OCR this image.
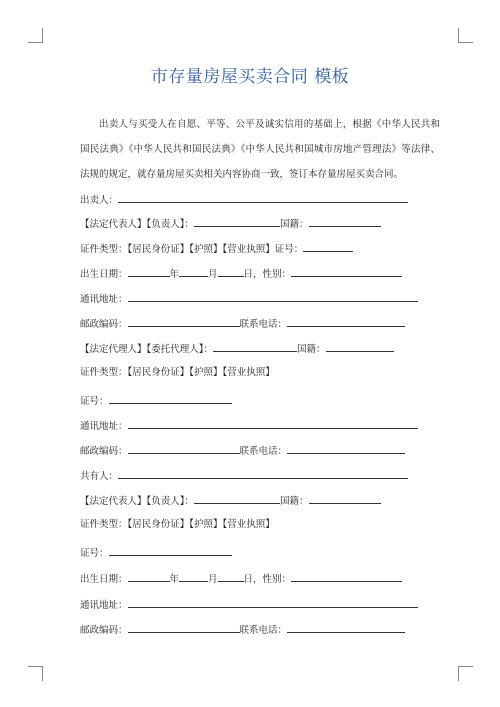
市存量房屋买卖合同 模板
出卖人与买受人在自愿、平等、公平及诚实信用的基础上，根据《中华人民共和国民法典》《中华人民共和国民法典》《中华人民共和国城市房地产管理法》等法律、法规的规定，就存量房屋买卖相关内容协商一致，签订本存量房屋买卖合同。
出卖人：
【法定代表人】【负责人】：	国籍：
证件类型：【居民身份证】【护照】【营业执照】证号：
出生日期：	年	月	日，性别：
通讯地址：
邮政编码：	联系电话：
【法定代理人】【委托代理人】：	国籍：
证件类型：【居民身份证】【护照】【营业执照】
证号：
通讯地址：
邮政编码：	联系电话：
共有人：
【法定代表人】【负责人】：	国籍：
证件类型：【居民身份证】【护照】【营业执照】
证号：
出生日期：	年	月	日，性别：
通讯地址：
邮政编码：	联系电话：
